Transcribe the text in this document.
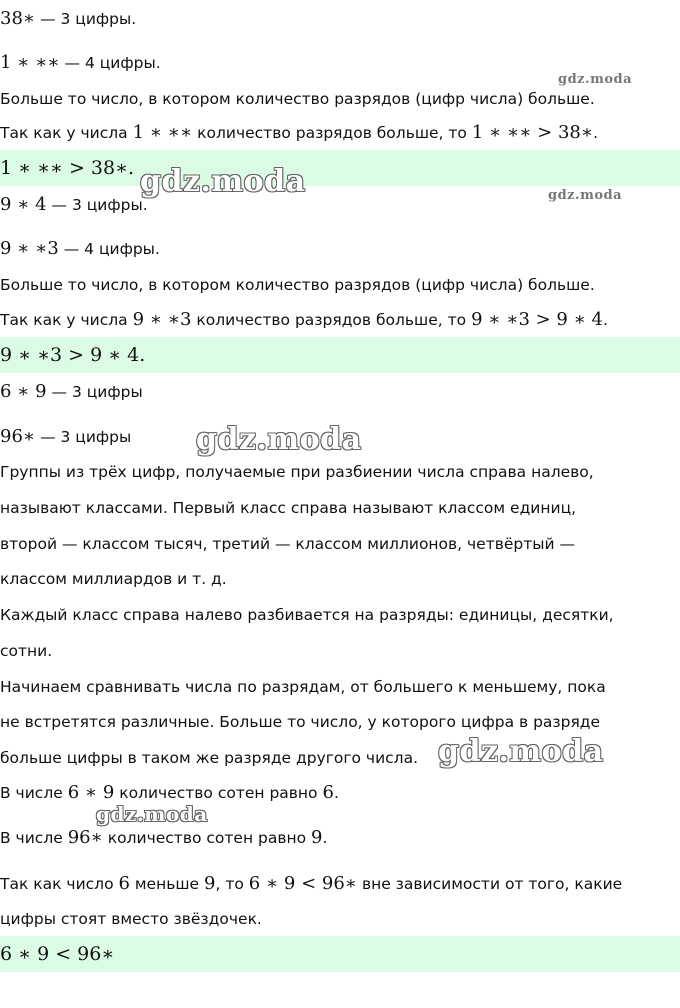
38∗ — 3 цифры.
1 ∗ ∗∗ — 4 цифры.
gdz.moda
Больше то число, в котором количество разрядов (цифр числа) больше.
Так как у числа 1 ∗ ∗∗ количество разрядов больше, то 1 ∗ ∗∗ > 38∗.
1 ∗ ∗∗ > 38∗. gdz.moda	gdz.moda
9 ∗ 4 — 3 цифры.
9 ∗ ∗3 — 4 цифры.
Больше то число, в котором количество разрядов (цифр числа) больше.
Так как у числа 9 ∗ ∗3 количество разрядов больше, то 9 ∗ ∗3 > 9 ∗ 4.
9 ∗ ∗3 > 9 ∗ 4.
6 ∗ 9 — 3 цифры
96∗ — 3 цифры gdz.moda
Группы из трёх цифр, получаемые при разбиении числа справа налево,
называют классами. Первый класс справа называют классом единиц,
второй — классом тысяч, третий — классом миллионов, четвёртый —
классом миллиардов и т. д.
Каждый класс справа налево разбивается на разряды: единицы, десятки,
сотни.
Начинаем сравнивать числа по разрядам, от большего к меньшему, пока
не встретятся различные. Больше то число, у которого цифра в разряде
больше цифры в таком же разряде другого числа. gdz.moda
В числе 6 ∗ 9 количество сотен равно 6.
gdz.moda
В числе 96∗ количество сотен равно 9.
Так как число 6 меньше 9, то 6 ∗ 9 < 96∗ вне зависимости от того, какие
цифры стоят вместо звёздочек.
6 ∗ 9 < 96∗
